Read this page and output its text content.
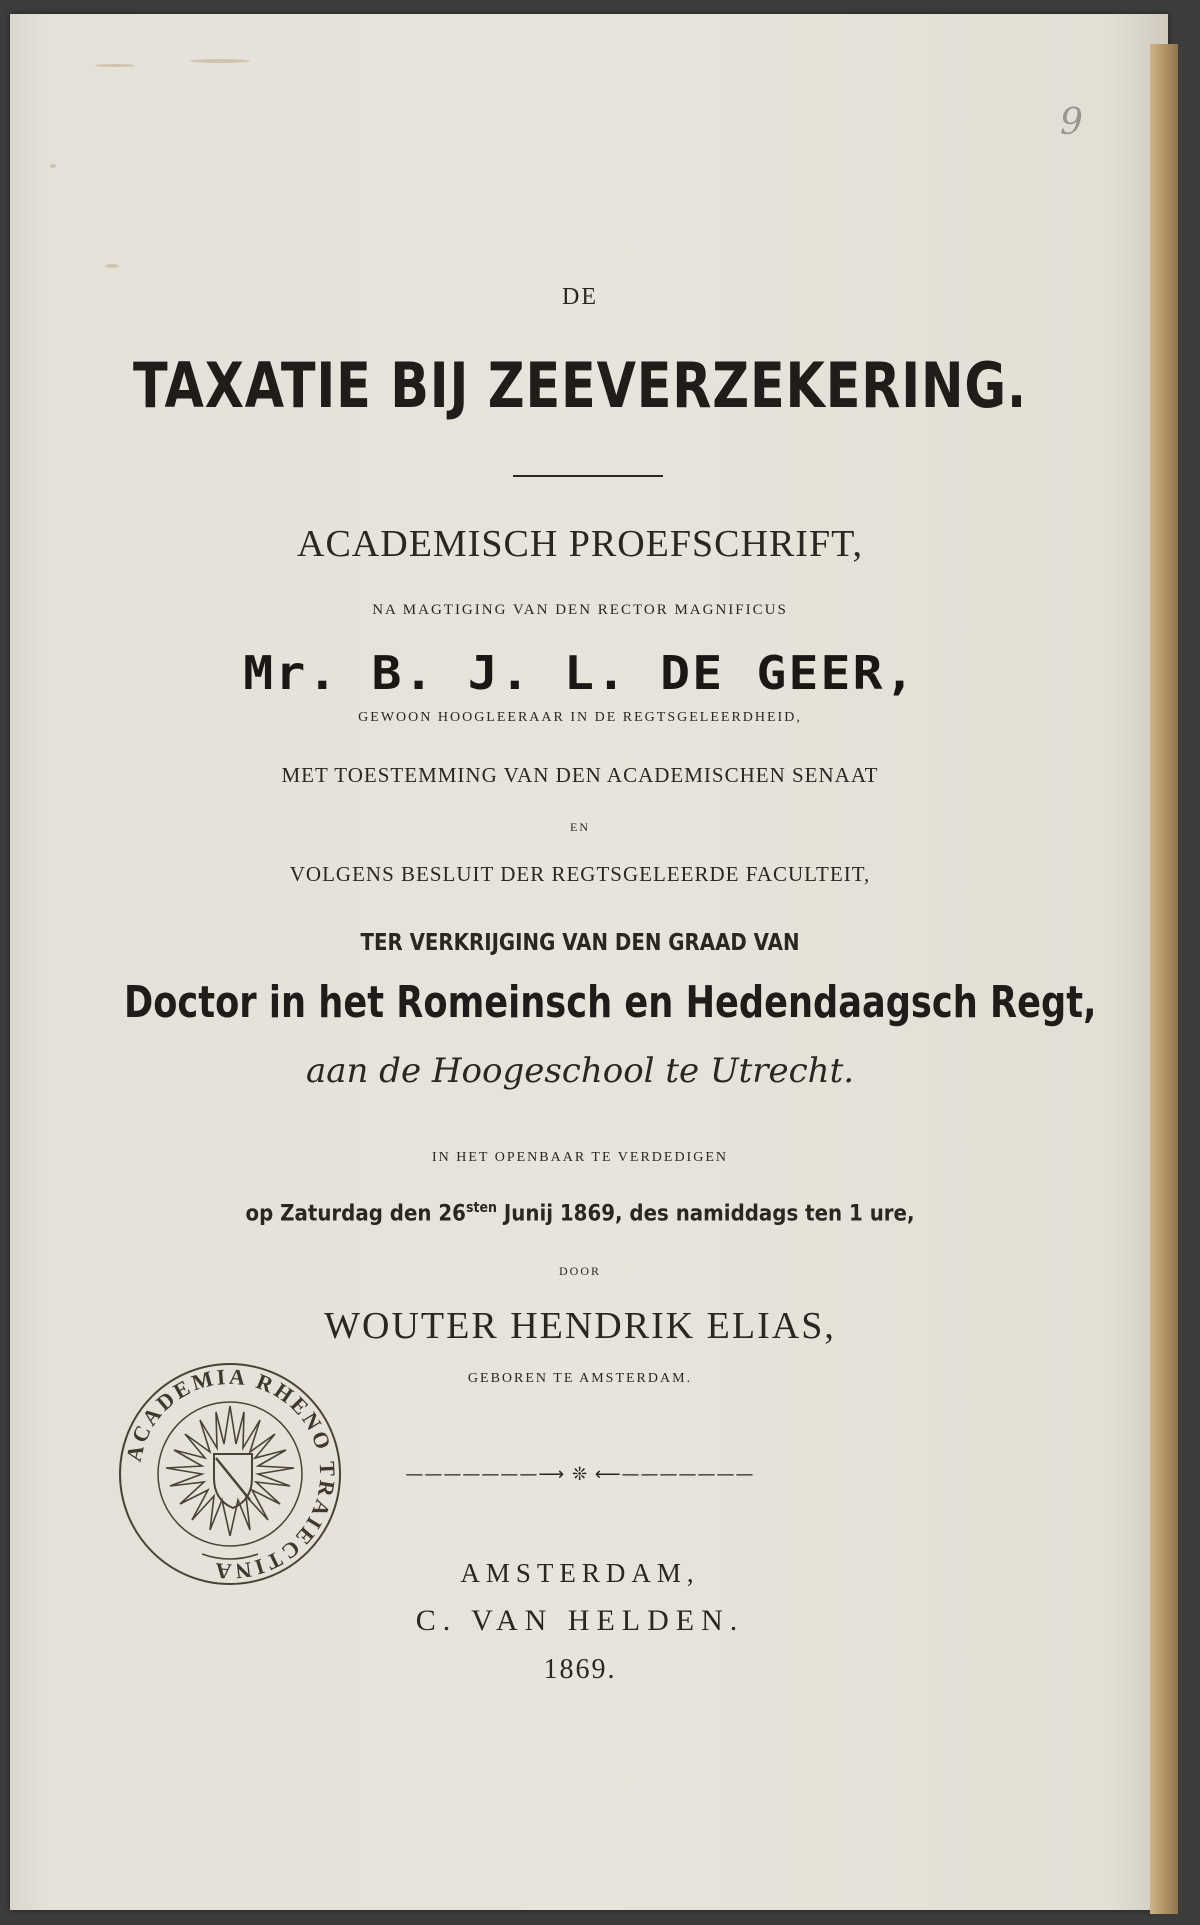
9
DE
TAXATIE BIJ ZEEVERZEKERING.
ACADEMISCH PROEFSCHRIFT,
NA MAGTIGING VAN DEN RECTOR MAGNIFICUS
Mr. B. J. L. DE GEER,
GEWOON HOOGLEERAAR IN DE REGTSGELEERDHEID,
MET TOESTEMMING VAN DEN ACADEMISCHEN SENAAT
EN
VOLGENS BESLUIT DER REGTSGELEERDE FACULTEIT,
TER VERKRIJGING VAN DEN GRAAD VAN
Doctor in het Romeinsch en Hedendaagsch Regt,
aan de Hoogeschool te Utrecht.
IN HET OPENBAAR TE VERDEDIGEN
op Zaturdag den $26^{sten}$ Junij 1869, des namiddags ten 1 ure,
DOOR
WOUTER HENDRIK ELIAS,
GEBOREN TE AMSTERDAM.
———————⟶ ❊ ⟵———————
AMSTERDAM,
C. VAN HELDEN.
1869.
ACADEMIA RHENO TRAIECTINA
